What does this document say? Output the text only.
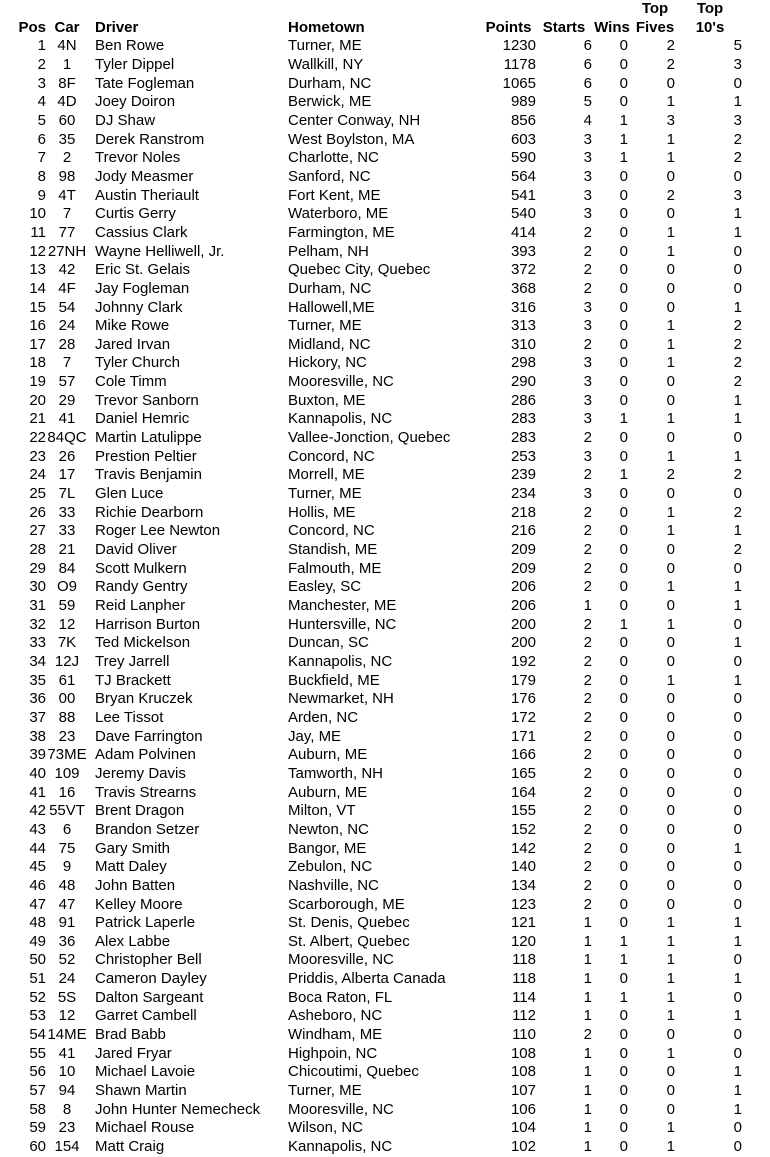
							Top	Top
Pos	Car	Driver	Hometown	Points	Starts	Wins	Fives	10's
1	4N	Ben Rowe	Turner, ME	1230	6	0	2	5
2	1	Tyler Dippel	Wallkill, NY	1178	6	0	2	3
3	8F	Tate Fogleman	Durham, NC	1065	6	0	0	0
4	4D	Joey Doiron	Berwick, ME	989	5	0	1	1
5	60	DJ Shaw	Center Conway, NH	856	4	1	3	3
6	35	Derek Ranstrom	West Boylston, MA	603	3	1	1	2
7	2	Trevor Noles	Charlotte, NC	590	3	1	1	2
8	98	Jody Measmer	Sanford, NC	564	3	0	0	0
9	4T	Austin Theriault	Fort Kent, ME	541	3	0	2	3
10	7	Curtis Gerry	Waterboro, ME	540	3	0	0	1
11	77	Cassius Clark	Farmington, ME	414	2	0	1	1
12	27NH	Wayne Helliwell, Jr.	Pelham, NH	393	2	0	1	0
13	42	Eric St. Gelais	Quebec City, Quebec	372	2	0	0	0
14	4F	Jay Fogleman	Durham, NC	368	2	0	0	0
15	54	Johnny Clark	Hallowell,ME	316	3	0	0	1
16	24	Mike Rowe	Turner, ME	313	3	0	1	2
17	28	Jared Irvan	Midland, NC	310	2	0	1	2
18	7	Tyler Church	Hickory, NC	298	3	0	1	2
19	57	Cole Timm	Mooresville, NC	290	3	0	0	2
20	29	Trevor Sanborn	Buxton, ME	286	3	0	0	1
21	41	Daniel Hemric	Kannapolis, NC	283	3	1	1	1
22	84QC	Martin Latulippe	Vallee-Jonction, Quebec	283	2	0	0	0
23	26	Prestion Peltier	Concord, NC	253	3	0	1	1
24	17	Travis Benjamin	Morrell, ME	239	2	1	2	2
25	7L	Glen Luce	Turner, ME	234	3	0	0	0
26	33	Richie Dearborn	Hollis, ME	218	2	0	1	2
27	33	Roger Lee Newton	Concord, NC	216	2	0	1	1
28	21	David Oliver	Standish, ME	209	2	0	0	2
29	84	Scott Mulkern	Falmouth, ME	209	2	0	0	0
30	O9	Randy Gentry	Easley, SC	206	2	0	1	1
31	59	Reid Lanpher	Manchester, ME	206	1	0	0	1
32	12	Harrison Burton	Huntersville, NC	200	2	1	1	0
33	7K	Ted Mickelson	Duncan, SC	200	2	0	0	1
34	12J	Trey Jarrell	Kannapolis, NC	192	2	0	0	0
35	61	TJ Brackett	Buckfield, ME	179	2	0	1	1
36	00	Bryan Kruczek	Newmarket, NH	176	2	0	0	0
37	88	Lee Tissot	Arden, NC	172	2	0	0	0
38	23	Dave Farrington	Jay, ME	171	2	0	0	0
39	73ME	Adam Polvinen	Auburn, ME	166	2	0	0	0
40	109	Jeremy Davis	Tamworth, NH	165	2	0	0	0
41	16	Travis Strearns	Auburn, ME	164	2	0	0	0
42	55VT	Brent Dragon	Milton, VT	155	2	0	0	0
43	6	Brandon Setzer	Newton, NC	152	2	0	0	0
44	75	Gary Smith	Bangor, ME	142	2	0	0	1
45	9	Matt Daley	Zebulon, NC	140	2	0	0	0
46	48	John Batten	Nashville, NC	134	2	0	0	0
47	47	Kelley Moore	Scarborough, ME	123	2	0	0	0
48	91	Patrick Laperle	St. Denis, Quebec	121	1	0	1	1
49	36	Alex Labbe	St. Albert, Quebec	120	1	1	1	1
50	52	Christopher Bell	Mooresville, NC	118	1	1	1	0
51	24	Cameron Dayley	Priddis, Alberta Canada	118	1	0	1	1
52	5S	Dalton Sargeant	Boca Raton, FL	114	1	1	1	0
53	12	Garret Cambell	Asheboro, NC	112	1	0	1	1
54	14ME	Brad Babb	Windham, ME	110	2	0	0	0
55	41	Jared Fryar	Highpoin, NC	108	1	0	1	0
56	10	Michael Lavoie	Chicoutimi, Quebec	108	1	0	0	1
57	94	Shawn Martin	Turner, ME	107	1	0	0	1
58	8	John Hunter Nemecheck	Mooresville, NC	106	1	0	0	1
59	23	Michael Rouse	Wilson, NC	104	1	0	1	0
60	154	Matt Craig	Kannapolis, NC	102	1	0	1	0
